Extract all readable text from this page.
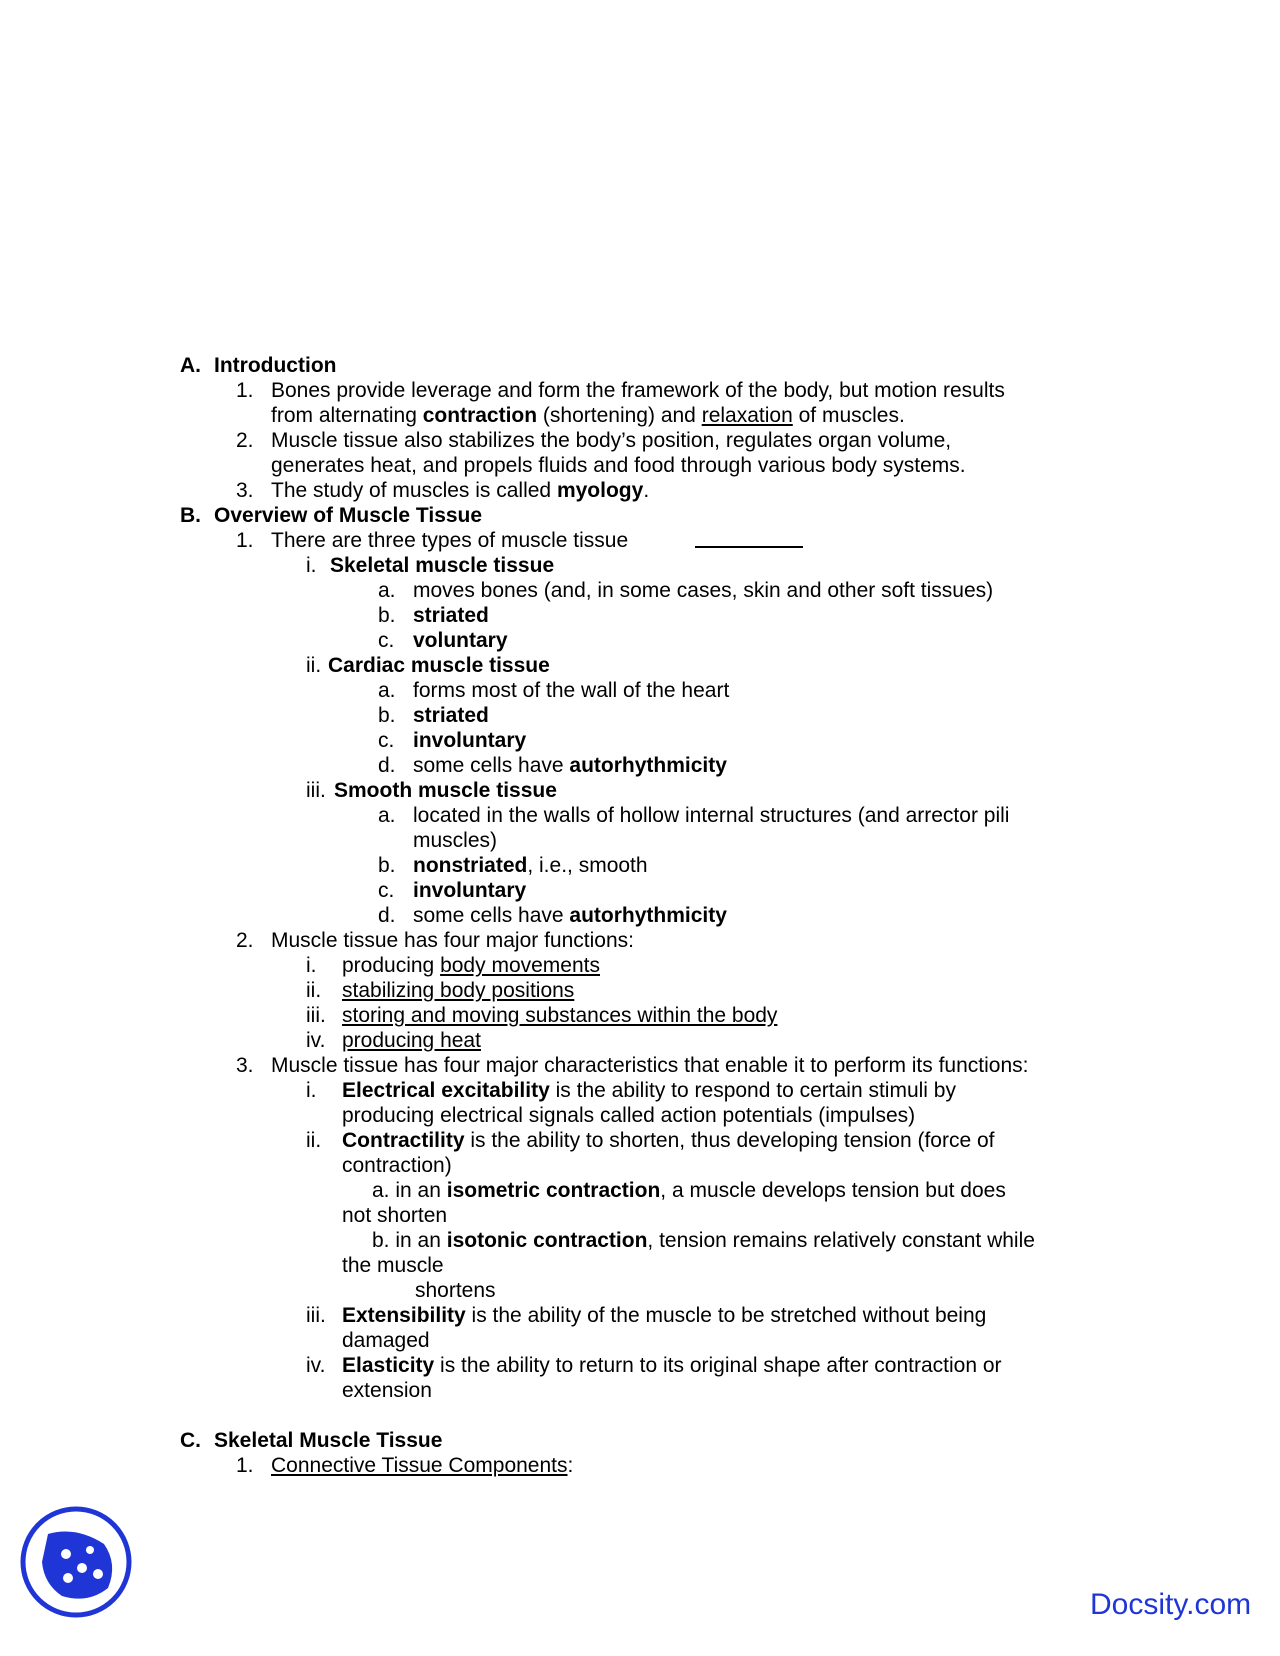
A. Introduction
1. Bones provide leverage and form the framework of the body, but motion results
from alternating contraction (shortening) and relaxation of muscles.
2. Muscle tissue also stabilizes the body’s position, regulates organ volume,
generates heat, and propels fluids and food through various body systems.
3. The study of muscles is called myology.
B. Overview of Muscle Tissue
1. There are three types of muscle tissue
i. Skeletal muscle tissue
a. moves bones (and, in some cases, skin and other soft tissues)
b. striated
c. voluntary
ii. Cardiac muscle tissue
a. forms most of the wall of the heart
b. striated
c. involuntary
d. some cells have autorhythmicity
iii. Smooth muscle tissue
a. located in the walls of hollow internal structures (and arrector pili
muscles)
b. nonstriated, i.e., smooth
c. involuntary
d. some cells have autorhythmicity
2. Muscle tissue has four major functions:
i. producing body movements
ii. stabilizing body positions
iii. storing and moving substances within the body
iv. producing heat
3. Muscle tissue has four major characteristics that enable it to perform its functions:
i. Electrical excitability is the ability to respond to certain stimuli by
producing electrical signals called action potentials (impulses)
ii. Contractility is the ability to shorten, thus developing tension (force of
contraction)
a. in an isometric contraction, a muscle develops tension but does
not shorten
b. in an isotonic contraction, tension remains relatively constant while
the muscle
shortens
iii. Extensibility is the ability of the muscle to be stretched without being
damaged
iv. Elasticity is the ability to return to its original shape after contraction or
extension
C. Skeletal Muscle Tissue
1. Connective Tissue Components:
Docsity.com
